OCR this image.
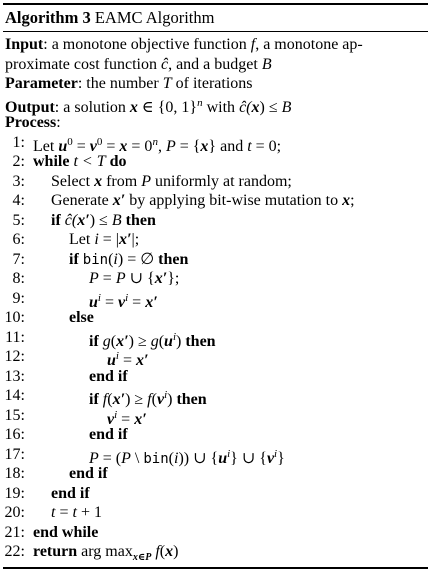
Algorithm 3 EAMC Algorithm
Input: a monotone objective function f, a monotone ap-
proximate cost function ĉ, and a budget B
Parameter: the number T of iterations
Output: a solution x ∈ {0, 1}$^n$ with ĉ(x) ≤ B
Process:
1: Let $u^0 = v^0 = x = 0^n$, P = {x} and t = 0;
2: while t < T do
3: Select x from P uniformly at random;
4: Generate x′ by applying bit-wise mutation to x;
5: if ĉ(x′) ≤ B then
6:	Let i = |x′|;
7:	if bin(i) = ∅ then
8:	P = P ∪ {x′};
9:	$u^i = v^i = x'$
10:	else
11:	if $g(x') \ge g(u^i)$ then
12:	$u^i = x'$
13:	end if
14:	if $f(x') \ge f(v^i)$ then
15:	$v^i = x'$
16:	end if
17:	P = (P \ bin(i)) ∪ $\{u^i\}$ ∪ $\{v^i\}$
18:	end if
19: end if
20: t = t + 1
21: end while
22: return arg $\max_{x\in P} f(x)$
